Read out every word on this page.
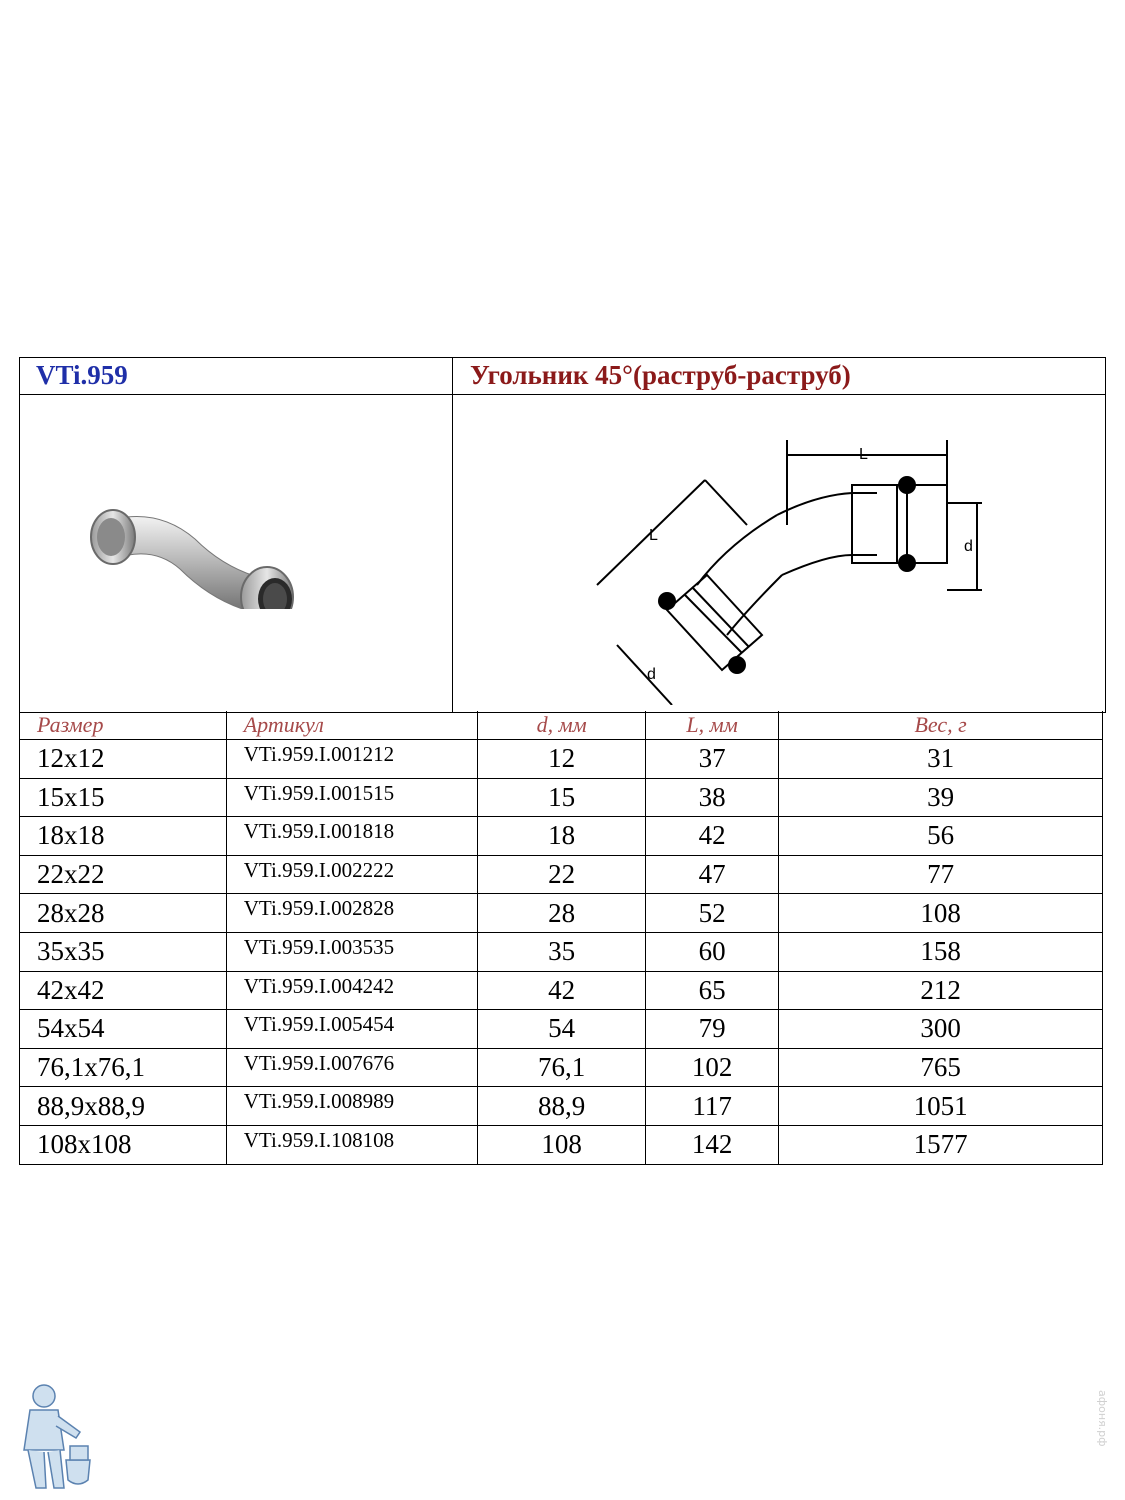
VTi.959	Угольник 45°(раструб-раструб)
L
L
d
d
Размер	Артикул	d, мм	L, мм	Вес, г
12x12	VTi.959.I.001212	12	37	31
15x15	VTi.959.I.001515	15	38	39
18x18	VTi.959.I.001818	18	42	56
22x22	VTi.959.I.002222	22	47	77
28x28	VTi.959.I.002828	28	52	108
35x35	VTi.959.I.003535	35	60	158
42x42	VTi.959.I.004242	42	65	212
54x54	VTi.959.I.005454	54	79	300
76,1x76,1	VTi.959.I.007676	76,1	102	765
88,9x88,9	VTi.959.I.008989	88,9	117	1051
108x108	VTi.959.I.108108	108	142	1577
афоня.рф
